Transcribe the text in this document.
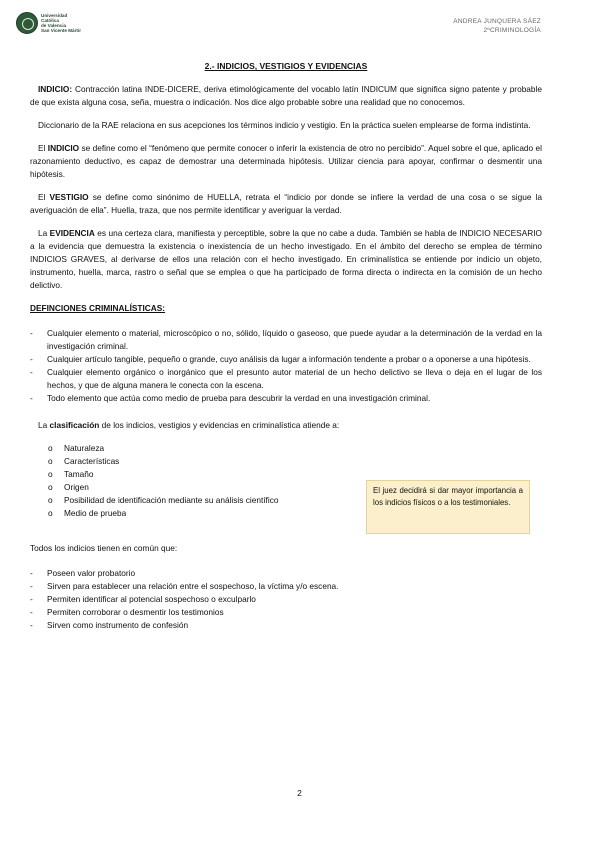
Universidad
Católica
de Valencia
San Vicente Mártir
ANDREA JUNQUERA SÁEZ
2ºCRIMINOLOGÍA
2.- INDICIOS, VESTIGIOS Y EVIDENCIAS

INDICIO: Contracción latina INDE-DICERE, deriva etimológicamente del vocablo latín INDICUM que significa signo patente y probable de que exista alguna cosa, seña, muestra o indicación. Nos dice algo probable sobre una realidad que no conocemos.

Diccionario de la RAE relaciona en sus acepciones los términos indicio y vestigio. En la práctica suelen emplearse de forma indistinta.

El INDICIO se define como el “fenómeno que permite conocer o inferir la existencia de otro no percibido”. Aquel sobre el que, aplicado el razonamiento deductivo, es capaz de demostrar una determinada hipótesis. Utilizar ciencia para apoyar, confirmar o desmentir una hipótesis.

El VESTIGIO se define como sinónimo de HUELLA, retrata el “indicio por donde se infiere la verdad de una cosa o se sigue la averiguación de ella”. Huella, traza, que nos permite identificar y averiguar la verdad.

La EVIDENCIA es una certeza clara, manifiesta y perceptible, sobre la que no cabe a duda. También se habla de INDICIO NECESARIO a la evidencia que demuestra la existencia o inexistencia de un hecho investigado. En el ámbito del derecho se emplea de término INDICIOS GRAVES, al derivarse de ellos una relación con el hecho investigado. En criminalística se entiende por indicio un objeto, instrumento, huella, marca, rastro o señal que se emplea o que ha participado de forma directa o indirecta en la comisión de un hecho delictivo.

DEFINCIONES CRIMINALÍSTICAS:
- Cualquier elemento o material, microscópico o no, sólido, líquido o gaseoso, que puede ayudar a la determinación de la verdad en la investigación criminal.
- Cualquier artículo tangible, pequeño o grande, cuyo análisis da lugar a información tendente a probar o a oponerse a una hipótesis.
- Cualquier elemento orgánico o inorgánico que el presunto autor material de un hecho delictivo se lleva o deja en el lugar de los hechos, y que de alguna manera le conecta con la escena.
- Todo elemento que actúa como medio de prueba para descubrir la verdad en una investigación criminal.

La clasificación de los indicios, vestigios y evidencias en criminalística atiende a:

o Naturaleza
o Características
o Tamaño
o Origen
o Posibilidad de identificación mediante su análisis científico
o Medio de prueba
El juez decidirá si dar mayor importancia a los indicios físicos o a los testimoniales.

Todos los indicios tienen en común que:

- Poseen valor probatorio
- Sirven para establecer una relación entre el sospechoso, la víctima y/o escena.
- Permiten identificar al potencial sospechoso o exculparlo
- Permiten corroborar o desmentir los testimonios
- Sirven como instrumento de confesión
2
